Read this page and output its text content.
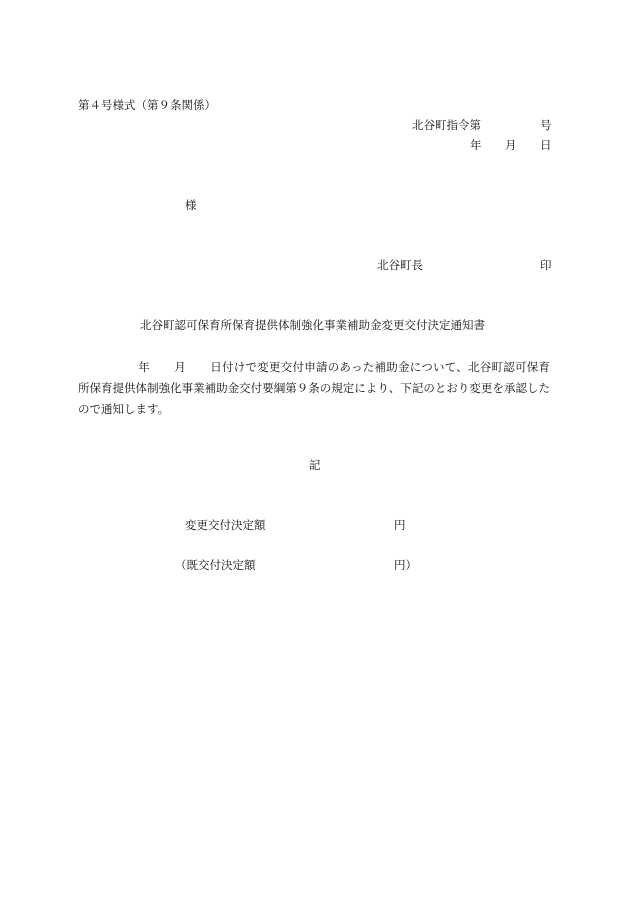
第４号様式（第９条関係）
北谷町指令第	号
年 月 日
様
北谷町長	印
北谷町認可保育所保育提供体制強化事業補助金変更交付決定通知書
年 月 日付けで変更交付申請のあった補助金について、北谷町認可保育所保育提供体制強化事業補助金交付要綱第９条の規定により、下記のとおり変更を承認したので通知します。
記
変更交付決定額	円
（既交付決定額	円）
